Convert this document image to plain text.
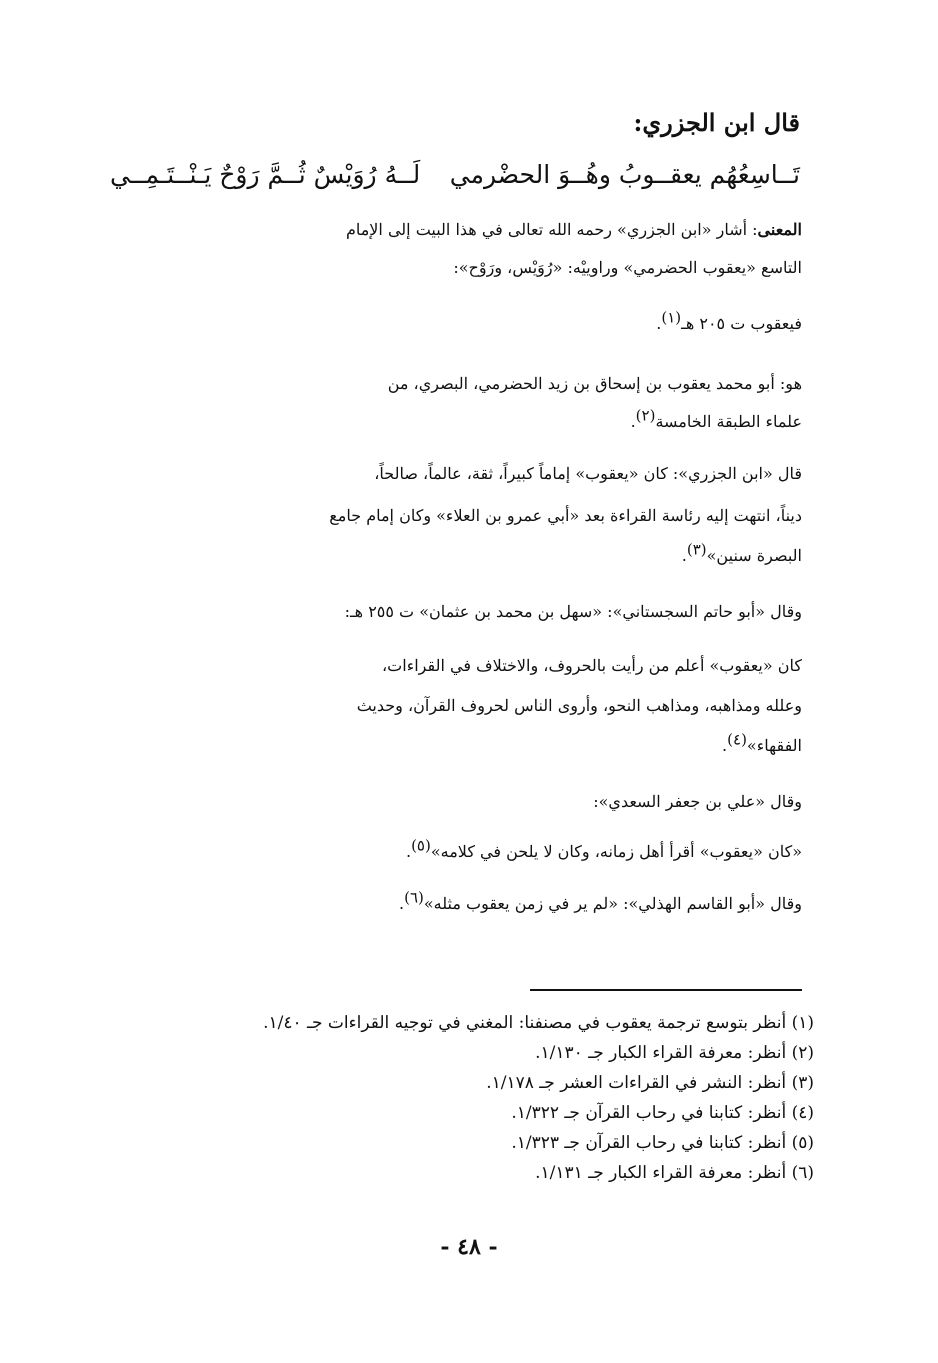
قال ابن الجزري:
تَــاسِعُهُم يعقــوبُ وهُــوَ الحضْرمي
لَــهُ رُوَيْسٌ ثُــمَّ رَوْحٌ يَـنْــتَـمِــي
المعنى: أشار «ابن الجزري» رحمه الله تعالى في هذا البيت إلى الإمام
التاسع «يعقوب الحضرمي» وراوييْه: «رُوَيْس، ورَوْح»:
فيعقوب ت ٢٠٥ هـ(١).
هو: أبو محمد يعقوب بن إسحاق بن زيد الحضرمي، البصري، من
علماء الطبقة الخامسة(٢).
قال «ابن الجزري»: كان «يعقوب» إماماً كبيراً، ثقة، عالماً، صالحاً،
ديناً، انتهت إليه رئاسة القراءة بعد «أبي عمرو بن العلاء» وكان إمام جامع
البصرة سنين»(٣).
وقال «أبو حاتم السجستاني»: «سهل بن محمد بن عثمان» ت ٢٥٥ هـ:
كان «يعقوب» أعلم من رأيت بالحروف، والاختلاف في القراءات،
وعلله ومذاهبه، ومذاهب النحو، وأروى الناس لحروف القرآن، وحديث
الفقهاء»(٤).
وقال «علي بن جعفر السعدي»:
«كان «يعقوب» أقرأ أهل زمانه، وكان لا يلحن في كلامه»(٥).
وقال «أبو القاسم الهذلي»: «لم ير في زمن يعقوب مثله»(٦).
(١) أنظر بتوسع ترجمة يعقوب في مصنفنا: المغني في توجيه القراءات جـ ١/٤٠.
(٢) أنظر: معرفة القراء الكبار جـ ١/١٣٠.
(٣) أنظر: النشر في القراءات العشر جـ ١/١٧٨.
(٤) أنظر: كتابنا في رحاب القرآن جـ ١/٣٢٢.
(٥) أنظر: كتابنا في رحاب القرآن جـ ١/٣٢٣.
(٦) أنظر: معرفة القراء الكبار جـ ١/١٣١.
- ٤٨ -
